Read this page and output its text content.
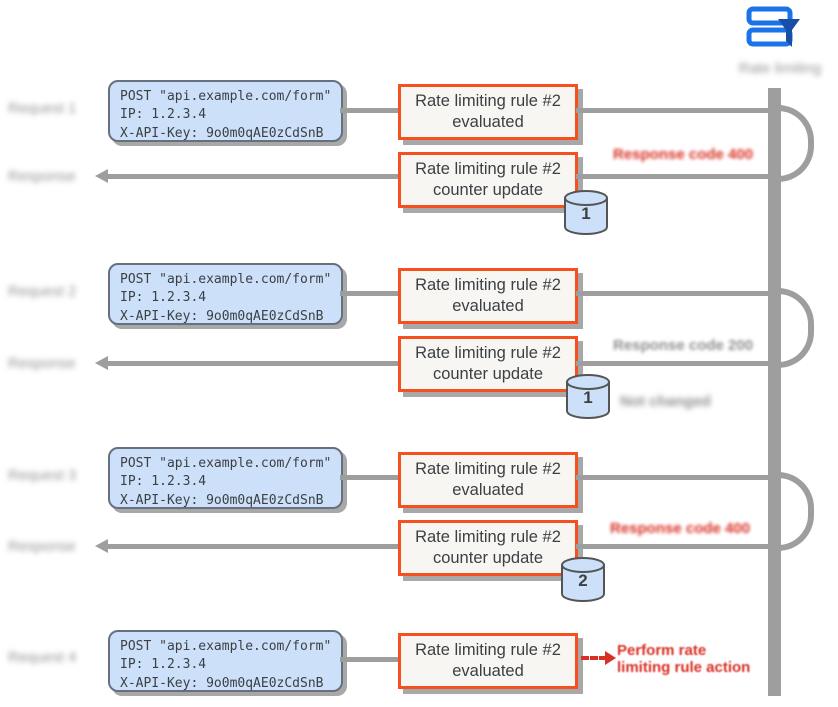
Rate limiting
Request 1
POST "api.example.com/form"
IP: 1.2.3.4
X-API-Key: 9o0m0qAE0zCdSnB
Rate limiting rule #2
evaluated
Response	Rate limiting rule #2
counter update
Response code 400
1
Request 2
POST "api.example.com/form"
IP: 1.2.3.4
X-API-Key: 9o0m0qAE0zCdSnB
Rate limiting rule #2
evaluated
Response
Rate limiting rule #2
counter update
Response code 200
1	Not changed
Request 3
POST "api.example.com/form"
IP: 1.2.3.4
X-API-Key: 9o0m0qAE0zCdSnB
Rate limiting rule #2
evaluated
Response
Rate limiting rule #2
counter update
Response code 400
2
Request 4
POST "api.example.com/form"
IP: 1.2.3.4
X-API-Key: 9o0m0qAE0zCdSnB
Rate limiting rule #2
evaluated
Perform rate
limiting rule action
